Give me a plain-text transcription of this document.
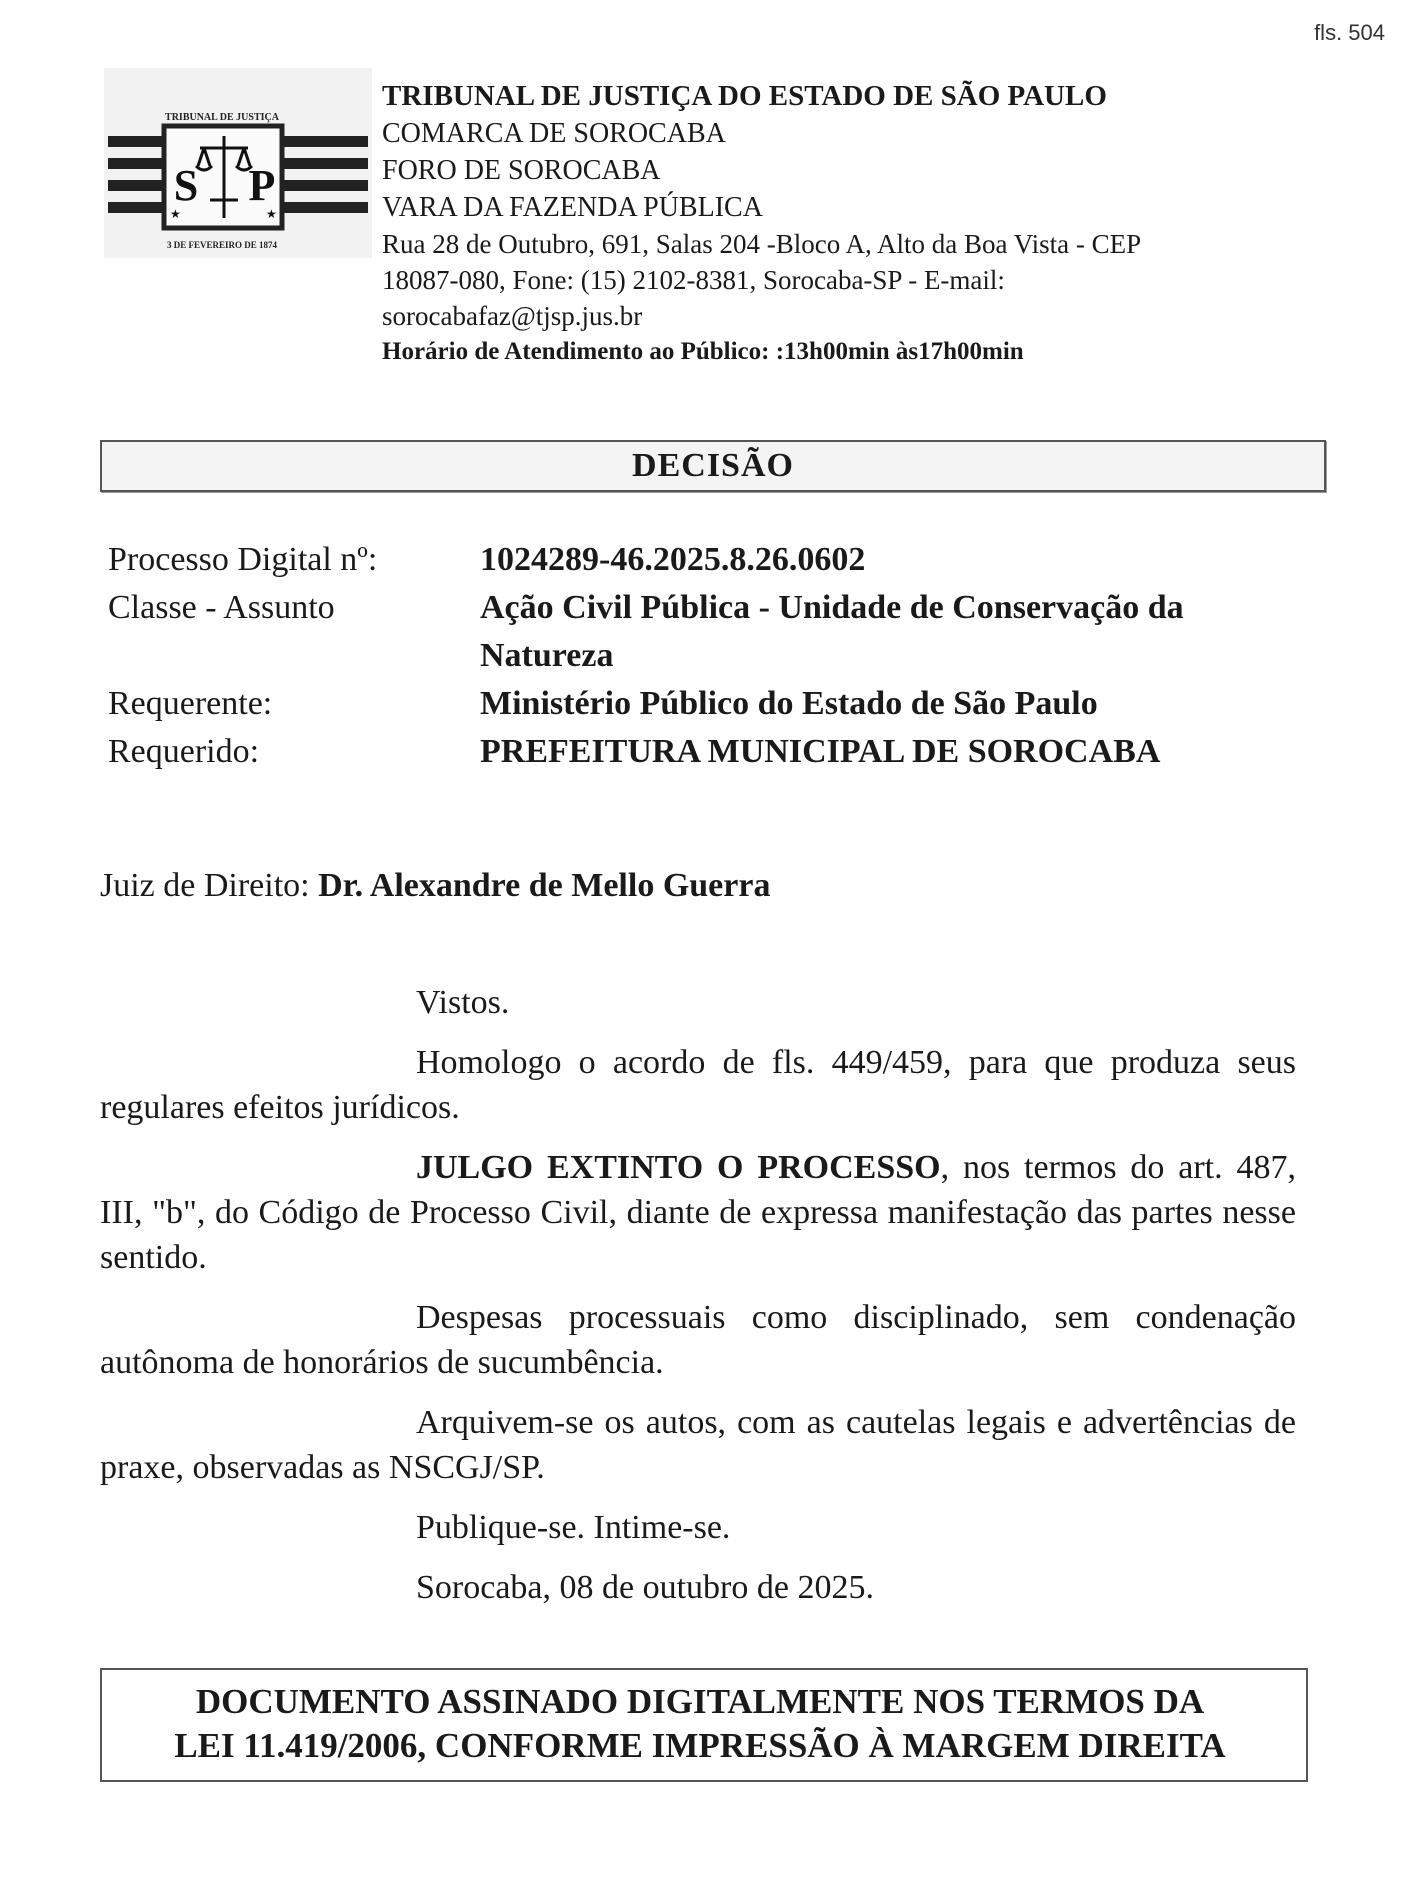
fls. 504
TRIBUNAL DE JUSTIÇA
S P
★	★
3 DE FEVEREIRO DE 1874
TRIBUNAL DE JUSTIÇA DO ESTADO DE SÃO PAULO
COMARCA DE SOROCABA
FORO DE SOROCABA
VARA DA FAZENDA PÚBLICA
Rua 28 de Outubro, 691, Salas 204 -Bloco A, Alto da Boa Vista - CEP
18087-080, Fone: (15) 2102-8381, Sorocaba-SP - E-mail:
sorocabafaz@tjsp.jus.br
Horário de Atendimento ao Público: :13h00min às17h00min
DECISÃO
Processo Digital nº:	1024289-46.2025.8.26.0602
Classe - Assunto	Ação Civil Pública - Unidade de Conservação da Natureza
Requerente:	Ministério Público do Estado de São Paulo
Requerido:	PREFEITURA MUNICIPAL DE SOROCABA
Juiz de Direito: Dr. Alexandre de Mello Guerra

Vistos.

Homologo o acordo de fls. 449/459, para que produza seus regulares efeitos jurídicos.

JULGO EXTINTO O PROCESSO, nos termos do art. 487, III, "b", do Código de Processo Civil, diante de expressa manifestação das partes nesse sentido.

Despesas processuais como disciplinado, sem condenação autônoma de honorários de sucumbência.

Arquivem-se os autos, com as cautelas legais e advertências de praxe, observadas as NSCGJ/SP.

Publique-se. Intime-se.

Sorocaba, 08 de outubro de 2025.

DOCUMENTO ASSINADO DIGITALMENTE NOS TERMOS DA
LEI 11.419/2006, CONFORME IMPRESSÃO À MARGEM DIREITA
